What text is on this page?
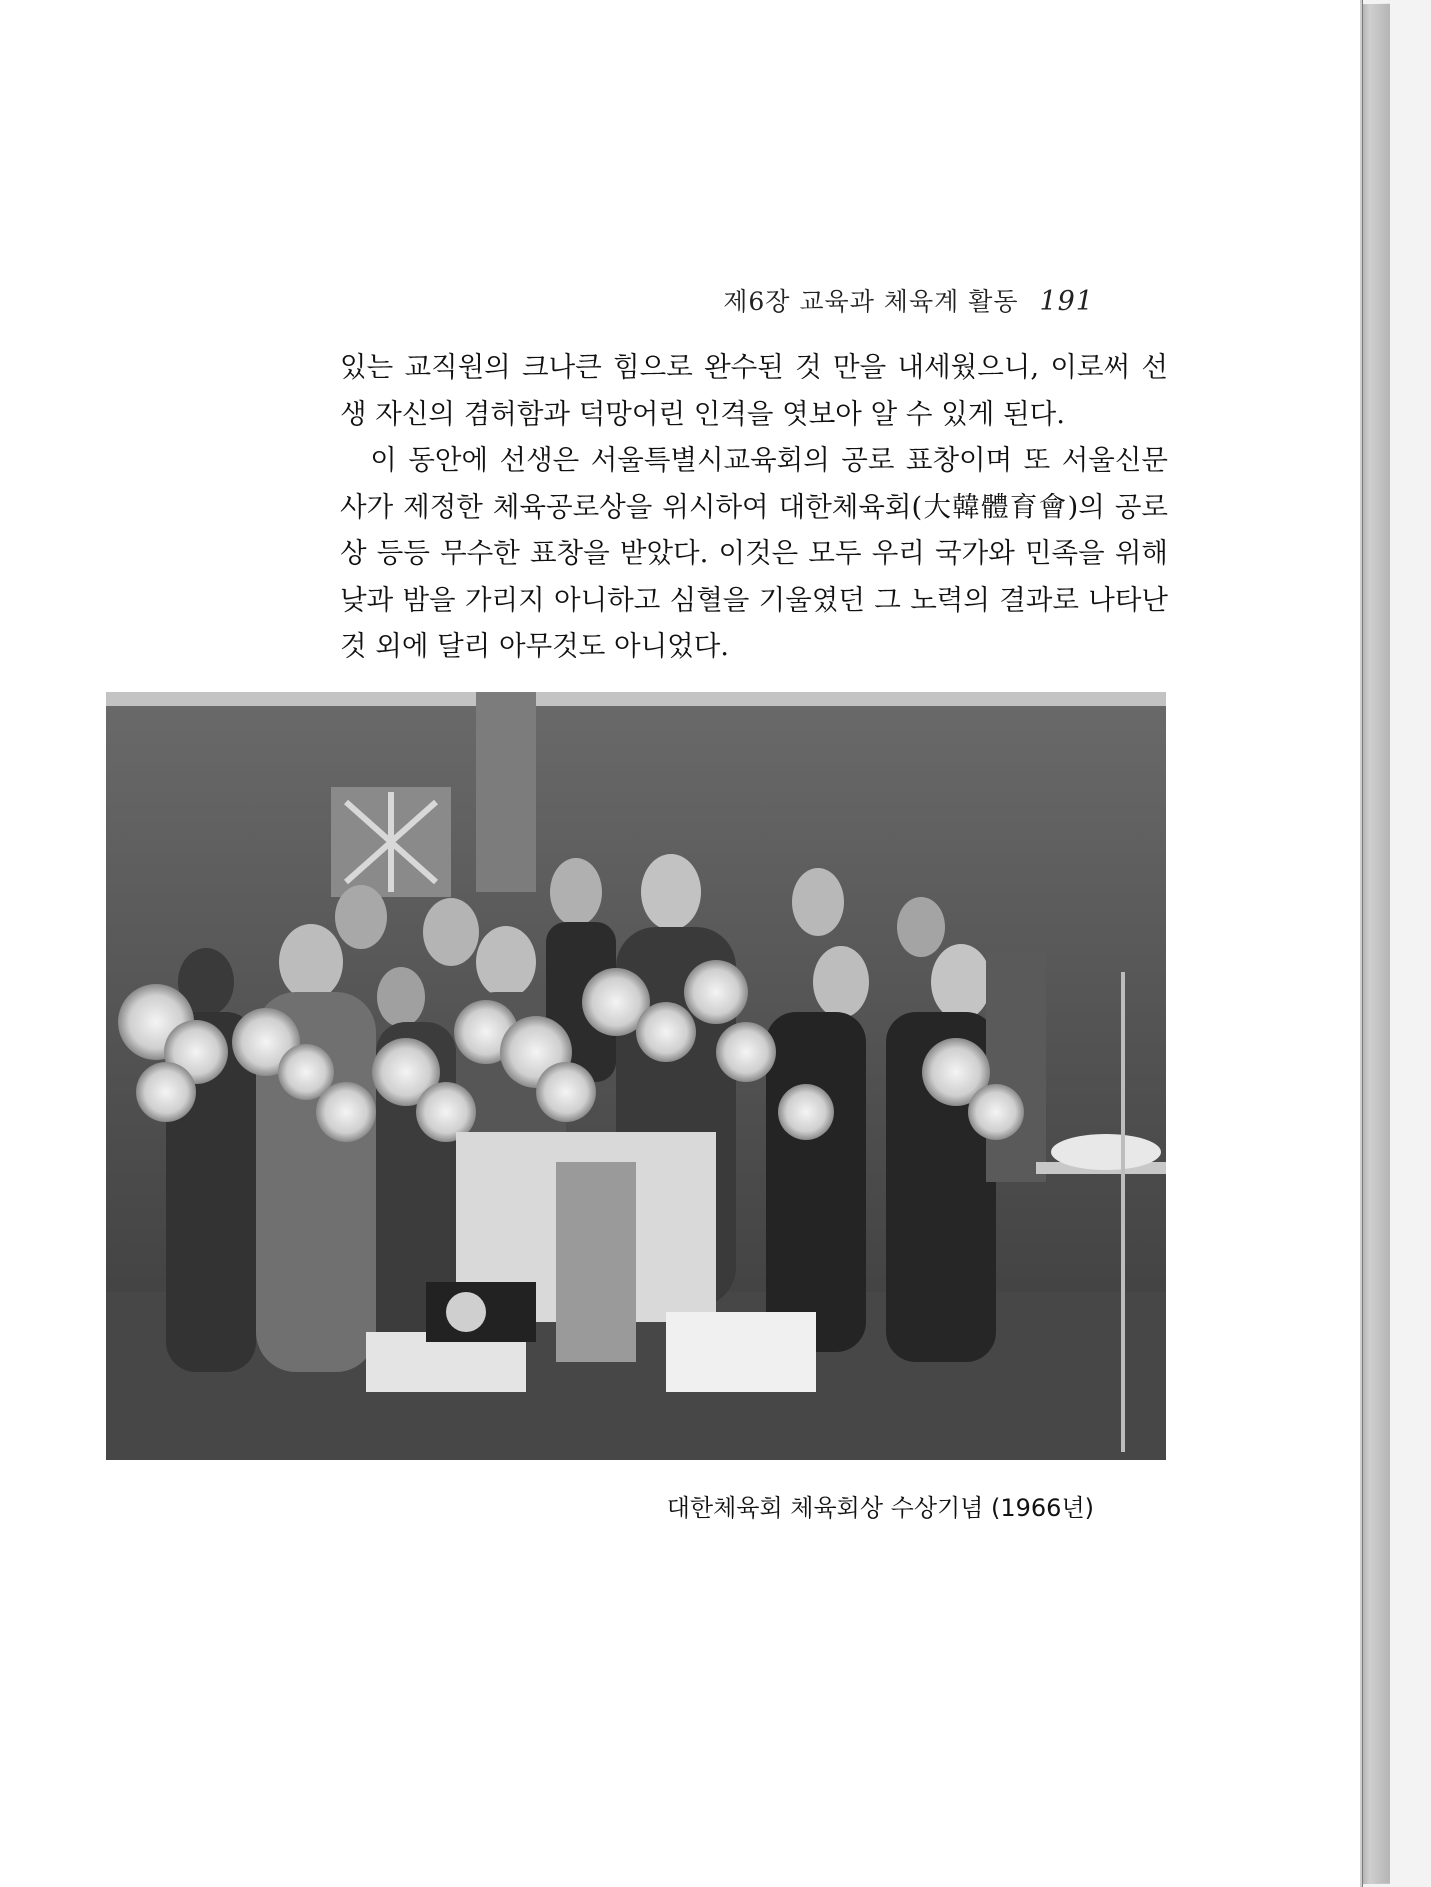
제6장 교육과 체육계 활동 191

있는 교직원의 크나큰 힘으로 완수된 것 만을 내세웠으니, 이로써 선생 자신의 겸허함과 덕망어린 인격을 엿보아 알 수 있게 된다.

이 동안에 선생은 서울특별시교육회의 공로 표창이며 또 서울신문사가 제정한 체육공로상을 위시하여 대한체육회(大韓體育會)의 공로상 등등 무수한 표창을 받았다. 이것은 모두 우리 국가와 민족을 위해 낮과 밤을 가리지 아니하고 심혈을 기울였던 그 노력의 결과로 나타난 것 외에 달리 아무것도 아니었다.

대한체육회 체육회상 수상기념 (1966년)
